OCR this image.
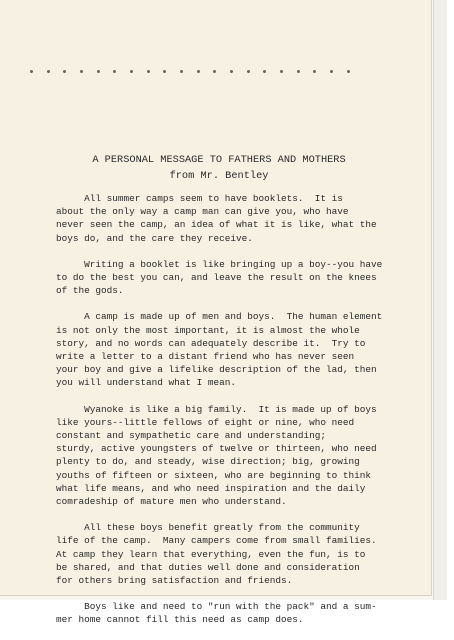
A PERSONAL MESSAGE TO FATHERS AND MOTHERS
from Mr. Bentley

All summer camps seem to have booklets.  It is
about the only way a camp man can give you, who have
never seen the camp, an idea of what it is like, what the
boys do, and the care they receive.

Writing a booklet is like bringing up a boy--you have
to do the best you can, and leave the result on the knees
of the gods.

A camp is made up of men and boys.  The human element
is not only the most important, it is almost the whole
story, and no words can adequately describe it.  Try to
write a letter to a distant friend who has never seen
your boy and give a lifelike description of the lad, then
you will understand what I mean.

Wyanoke is like a big family.  It is made up of boys
like yours--little fellows of eight or nine, who need
constant and sympathetic care and understanding;
sturdy, active youngsters of twelve or thirteen, who need
plenty to do, and steady, wise direction; big, growing
youths of fifteen or sixteen, who are beginning to think
what life means, and who need inspiration and the daily
comradeship of mature men who understand.

All these boys benefit greatly from the community
life of the camp.  Many campers come from small families.
At camp they learn that everything, even the fun, is to
be shared, and that duties well done and consideration
for others bring satisfaction and friends.

Boys like and need to "run with the pack" and a sum-
mer home cannot fill this need as camp does.
